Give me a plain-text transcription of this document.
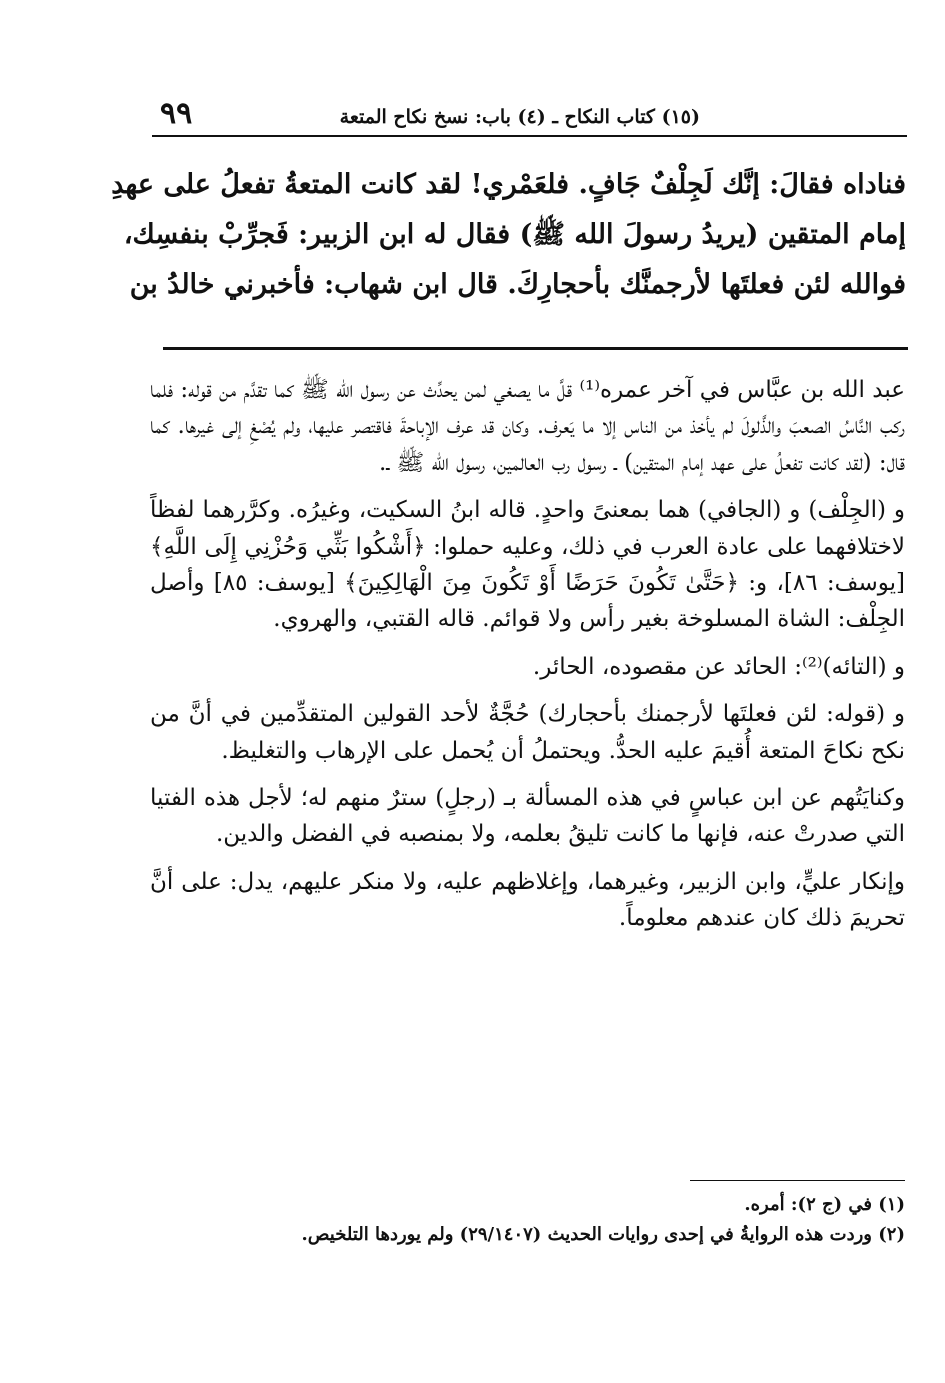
(١٥) كتاب النكاح ـ (٤) باب: نسخ نكاح المتعة
٩٩

فناداه فقالَ: إنَّك لَجِلْفٌ جَافٍ. فلعَمْري! لقد كانت المتعةُ تفعلُ على عهدِ

إمام المتقين (يريدُ رسولَ الله ﷺ) فقال له ابن الزبير: فَجرِّبْ بنفسِك،

فوالله لئن فعلتَها لأرجمنَّك بأحجارِكَ. قال ابن شهاب: فأخبرني خالدُ بن

عبد الله بن عبَّاس في آخر عمره⁽¹⁾ قلَّ ما يصغي لمن يحدِّث عن رسول الله ﷺ كما تقدَّم من قوله: فلما ركب النَّاسُ الصعبَ والذَّلولَ لم يأخذ من الناس إلا ما يَعرف. وكان قد عرف الإباحةَ فاقتصر عليها، ولم يُصْغِ إلى غيرها. كما قال: (لقد كانت تفعلُ على عهد إمام المتقين) ـ رسول رب العالمين، رسول الله ﷺ ـ.

و (الجِلْف) و (الجافي) هما بمعنىً واحدٍ. قاله ابنُ السكيت، وغيرُه. وكرَّرهما لفظاً لاختلافهما على عادة العرب في ذلك، وعليه حملوا: ﴿أَشْكُوا بَثِّي وَحُزْنِي إِلَى اللَّهِ﴾ [يوسف: ٨٦]، و: ﴿حَتَّىٰ تَكُونَ حَرَضًا أَوْ تَكُونَ مِنَ الْهَالِكِينَ﴾ [يوسف: ٨٥] وأصل الجِلْف: الشاة المسلوخة بغير رأس ولا قوائم. قاله القتبي، والهروي.

و (التائه)⁽²⁾: الحائد عن مقصوده، الحائر.

و (قوله: لئن فعلتَها لأرجمنك بأحجارك) حُجَّةٌ لأحد القولين المتقدِّمين في أنَّ من نكح نكاحَ المتعة أُقيمَ عليه الحدُّ. ويحتملُ أن يُحمل على الإرهاب والتغليظ.

وكنايَتُهم عن ابن عباسٍ في هذه المسألة بـ (رجلٍ) سترٌ منهم له؛ لأجل هذه الفتيا التي صدرتْ عنه، فإنها ما كانت تليقُ بعلمه، ولا بمنصبه في الفضل والدين.

وإنكار عليٍّ، وابن الزبير، وغيرهما، وإغلاظهم عليه، ولا منكر عليهم، يدل: على أنَّ تحريمَ ذلك كان عندهم معلوماً.

(١) في (ج ٢): أمره.

(٢) وردت هذه الروايةُ في إحدى روايات الحديث (٢٩/١٤٠٧) ولم يوردها التلخيص.
